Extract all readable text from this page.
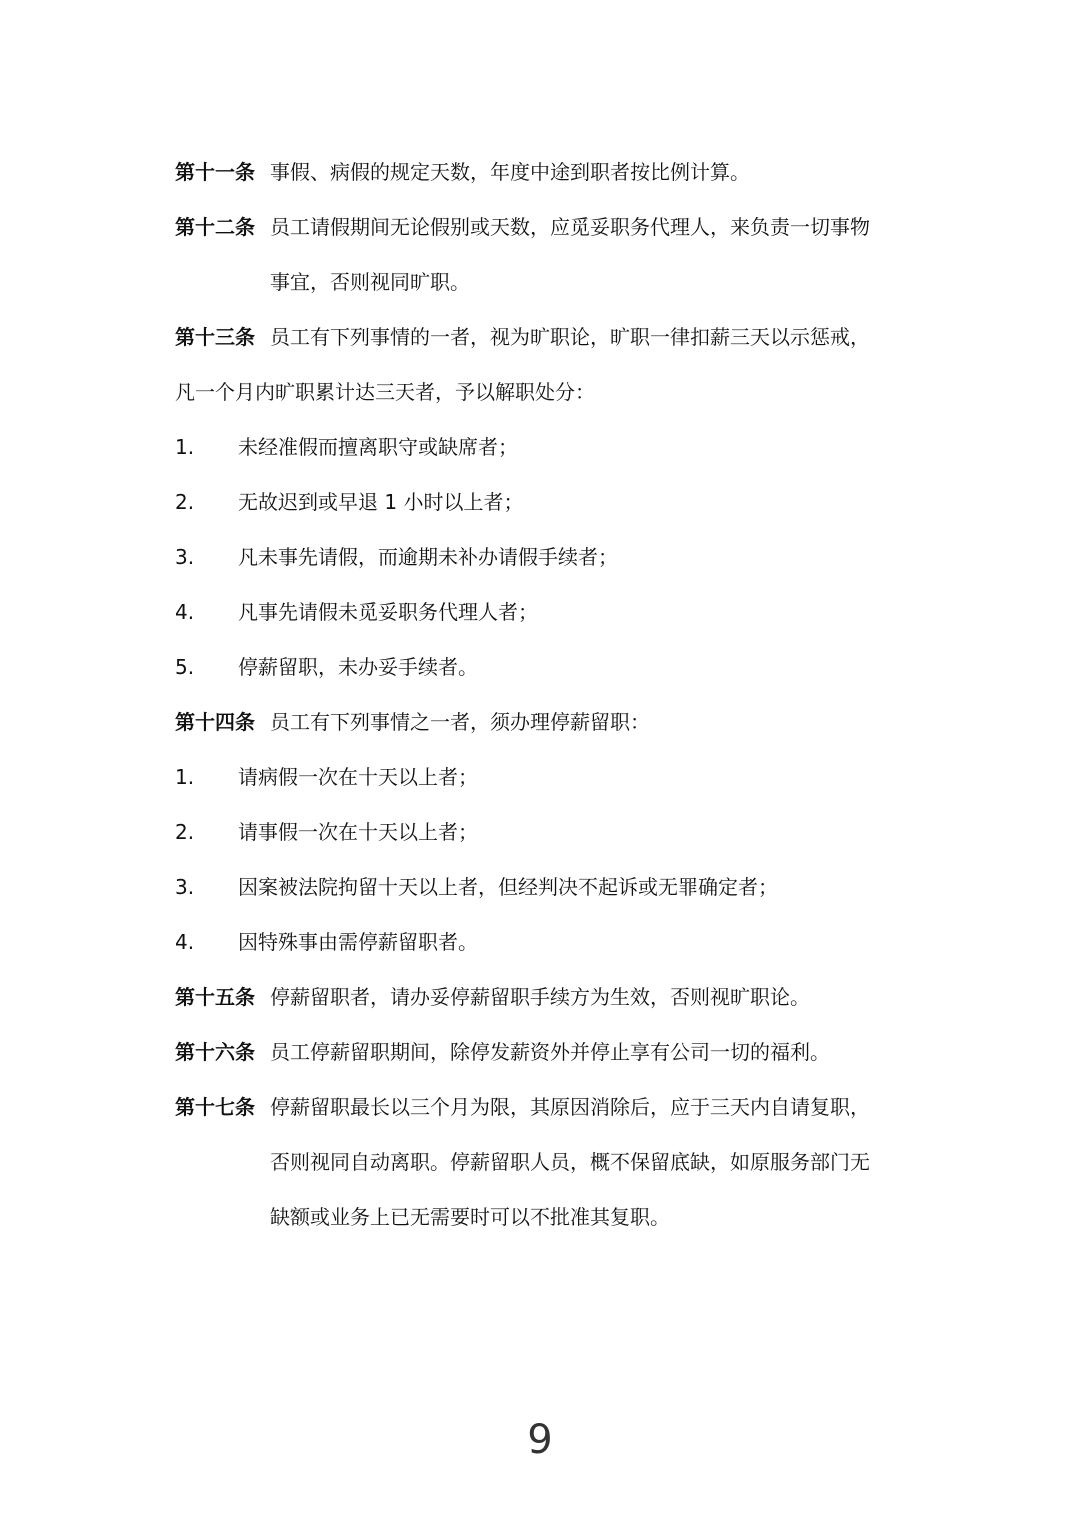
第十一条 事假、病假的规定天数，年度中途到职者按比例计算。
第十二条 员工请假期间无论假别或天数，应觅妥职务代理人，来负责一切事物
事宜，否则视同旷职。
第十三条 员工有下列事情的一者，视为旷职论，旷职一律扣薪三天以示惩戒，
凡一个月内旷职累计达三天者，予以解职处分：
1. 未经准假而擅离职守或缺席者；
2. 无故迟到或早退 1 小时以上者；
3. 凡未事先请假，而逾期未补办请假手续者；
4. 凡事先请假未觅妥职务代理人者；
5. 停薪留职，未办妥手续者。
第十四条 员工有下列事情之一者，须办理停薪留职：
1. 请病假一次在十天以上者；
2. 请事假一次在十天以上者；
3. 因案被法院拘留十天以上者，但经判决不起诉或无罪确定者；
4. 因特殊事由需停薪留职者。
第十五条 停薪留职者，请办妥停薪留职手续方为生效，否则视旷职论。
第十六条 员工停薪留职期间，除停发薪资外并停止享有公司一切的福利。
第十七条 停薪留职最长以三个月为限，其原因消除后，应于三天内自请复职，
否则视同自动离职。停薪留职人员，概不保留底缺，如原服务部门无
缺额或业务上已无需要时可以不批准其复职。
9
